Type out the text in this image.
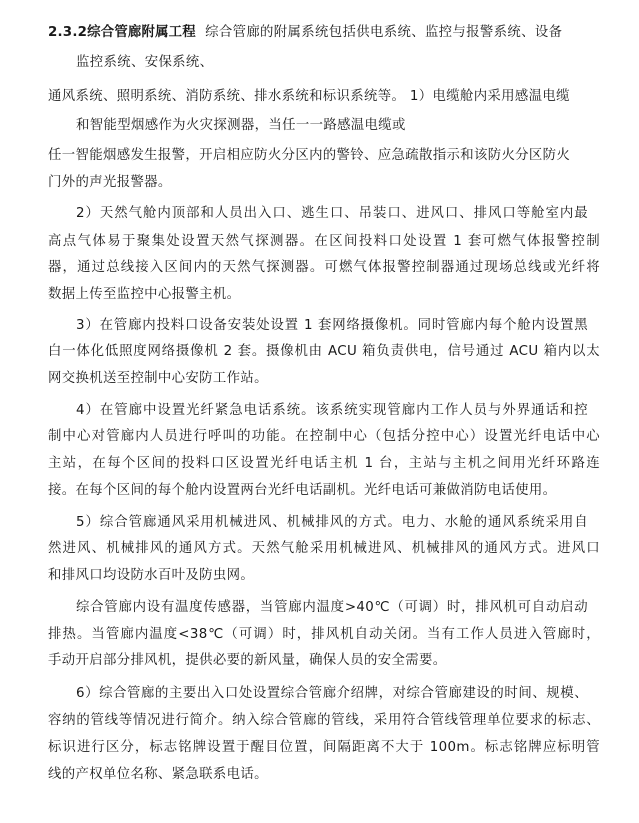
2.3.2综合管廊附属工程 综合管廊的附属系统包括供电系统、监控与报警系统、设备
监控系统、安保系统、
通风系统、照明系统、消防系统、排水系统和标识系统等。 1）电缆舱内采用感温电缆
和智能型烟感作为火灾探测器，当任一一路感温电缆或
任一智能烟感发生报警，开启相应防火分区内的警铃、应急疏散指示和该防火分区防火
门外的声光报警器。
2）天然气舱内顶部和人员出入口、逃生口、吊装口、进风口、排风口等舱室内最
高点气体易于聚集处设置天然气探测器。在区间投料口处设置 1 套可燃气体报警控制
器，通过总线接入区间内的天然气探测器。可燃气体报警控制器通过现场总线或光纤将
数据上传至监控中心报警主机。
3）在管廊内投料口设备安装处设置 1 套网络摄像机。同时管廊内每个舱内设置黑
白一体化低照度网络摄像机 2 套。摄像机由 ACU 箱负责供电，信号通过 ACU 箱内以太
网交换机送至控制中心安防工作站。
4）在管廊中设置光纤紧急电话系统。该系统实现管廊内工作人员与外界通话和控
制中心对管廊内人员进行呼叫的功能。在控制中心（包括分控中心）设置光纤电话中心
主站，在每个区间的投料口区设置光纤电话主机 1 台，主站与主机之间用光纤环路连
接。在每个区间的每个舱内设置两台光纤电话副机。光纤电话可兼做消防电话使用。
5）综合管廊通风采用机械进风、机械排风的方式。电力、水舱的通风系统采用自
然进风、机械排风的通风方式。天然气舱采用机械进风、机械排风的通风方式。进风口
和排风口均设防水百叶及防虫网。
综合管廊内设有温度传感器，当管廊内温度>40℃（可调）时，排风机可自动启动
排热。当管廊内温度<38℃（可调）时，排风机自动关闭。当有工作人员进入管廊时，
手动开启部分排风机，提供必要的新风量，确保人员的安全需要。
6）综合管廊的主要出入口处设置综合管廊介绍牌，对综合管廊建设的时间、规模、
容纳的管线等情况进行简介。纳入综合管廊的管线，采用符合管线管理单位要求的标志、
标识进行区分，标志铭牌设置于醒目位置，间隔距离不大于 100m。标志铭牌应标明管
线的产权单位名称、紧急联系电话。
